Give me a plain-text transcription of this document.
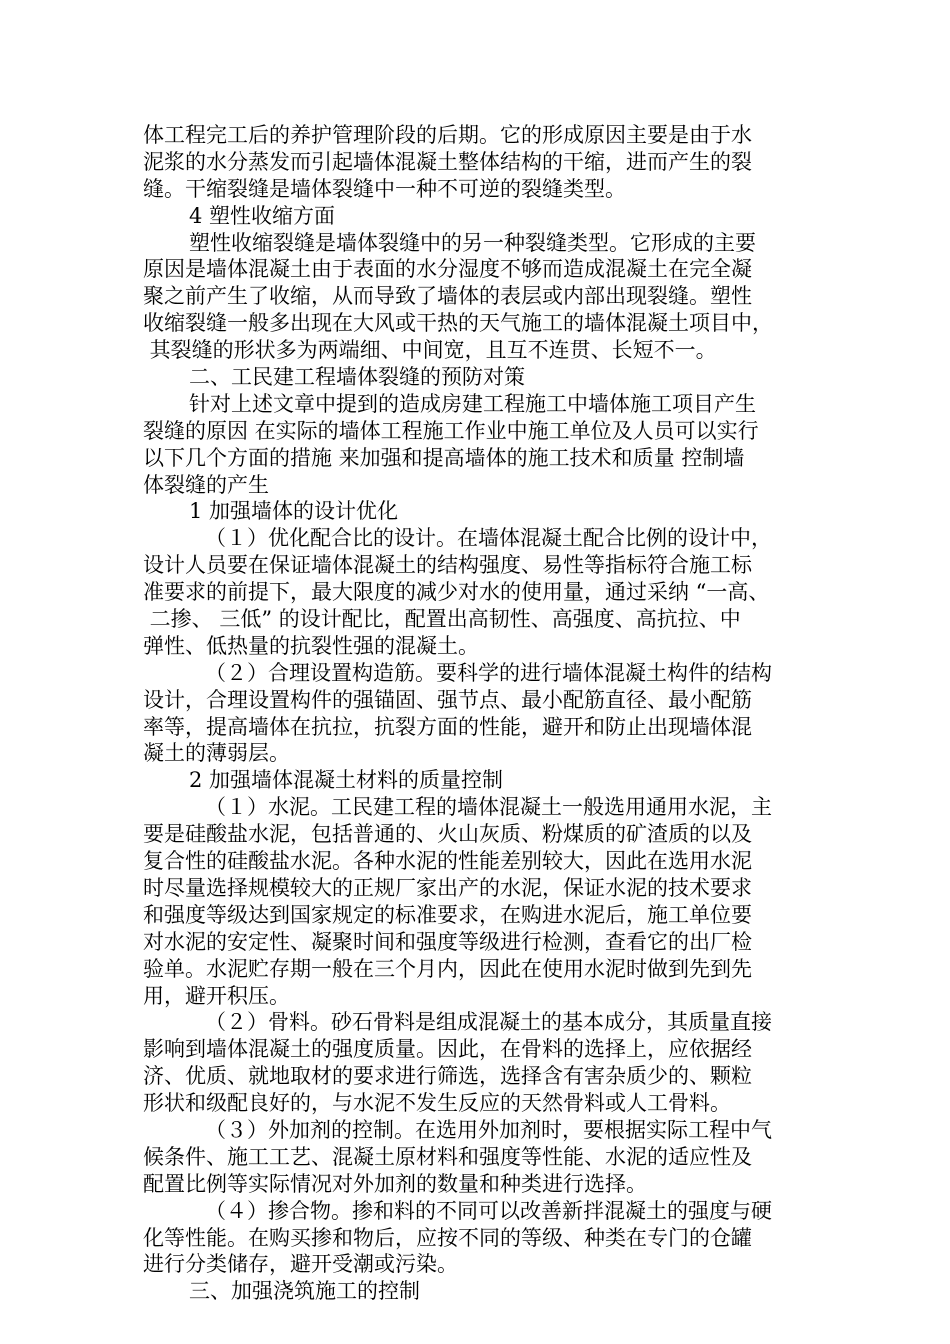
体工程完工后的养护管理阶段的后期。它的形成原因主要是由于水
泥浆的水分蒸发而引起墙体混凝土整体结构的干缩，进而产生的裂
缝。干缩裂缝是墙体裂缝中一种不可逆的裂缝类型。
4 塑性收缩方面
塑性收缩裂缝是墙体裂缝中的另一种裂缝类型。它形成的主要
原因是墙体混凝土由于表面的水分湿度不够而造成混凝土在完全凝
聚之前产生了收缩，从而导致了墙体的表层或内部出现裂缝。塑性
收缩裂缝一般多出现在大风或干热的天气施工的墙体混凝土项目中，
其裂缝的形状多为两端细、中间宽，且互不连贯、长短不一。
二、工民建工程墙体裂缝的预防对策
针对上述文章中提到的造成房建工程施工中墙体施工项目产生
裂缝的原因 在实际的墙体工程施工作业中施工单位及人员可以实行
以下几个方面的措施 来加强和提高墙体的施工技术和质量 控制墙
体裂缝的产生
1 加强墙体的设计优化
（１）优化配合比的设计。在墙体混凝土配合比例的设计中，
设计人员要在保证墙体混凝土的结构强度、易性等指标符合施工标
准要求的前提下，最大限度的减少对水的使用量，通过采纳 “一高、
二掺、 三低” 的设计配比，配置出高韧性、高强度、高抗拉、中
弹性、低热量的抗裂性强的混凝土。
（２）合理设置构造筋。要科学的进行墙体混凝土构件的结构
设计，合理设置构件的强锚固、强节点、最小配筋直径、最小配筋
率等，提高墙体在抗拉，抗裂方面的性能，避开和防止出现墙体混
凝土的薄弱层。
2 加强墙体混凝土材料的质量控制
（１）水泥。工民建工程的墙体混凝土一般选用通用水泥，主
要是硅酸盐水泥，包括普通的、火山灰质、粉煤质的矿渣质的以及
复合性的硅酸盐水泥。各种水泥的性能差别较大，因此在选用水泥
时尽量选择规模较大的正规厂家出产的水泥，保证水泥的技术要求
和强度等级达到国家规定的标准要求，在购进水泥后，施工单位要
对水泥的安定性、凝聚时间和强度等级进行检测，查看它的出厂检
验单。水泥贮存期一般在三个月内，因此在使用水泥时做到先到先
用，避开积压。
（２）骨料。砂石骨料是组成混凝土的基本成分，其质量直接
影响到墙体混凝土的强度质量。因此，在骨料的选择上，应依据经
济、优质、就地取材的要求进行筛选，选择含有害杂质少的、颗粒
形状和级配良好的，与水泥不发生反应的天然骨料或人工骨料。
（３）外加剂的控制。在选用外加剂时，要根据实际工程中气
候条件、施工工艺、混凝土原材料和强度等性能、水泥的适应性及
配置比例等实际情况对外加剂的数量和种类进行选择。
（４）掺合物。掺和料的不同可以改善新拌混凝土的强度与硬
化等性能。在购买掺和物后，应按不同的等级、种类在专门的仓罐
进行分类储存，避开受潮或污染。
三、加强浇筑施工的控制
